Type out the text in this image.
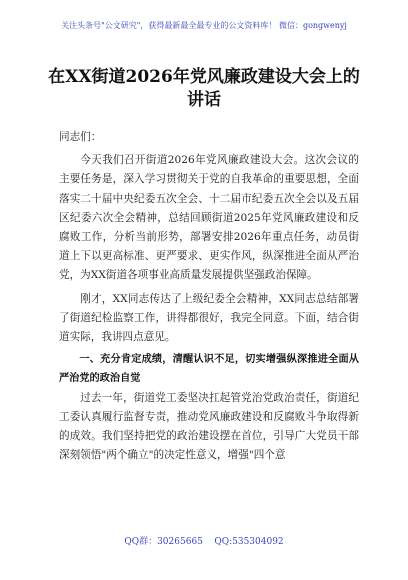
关注头条号"公文研究"，获得最新最全最专业的公文资料库！ 微信：gongwenyj
在XX街道2026年党风廉政建设大会上的讲话

同志们：

今天我们召开街道2026年党风廉政建设大会。这次会议的主要任务是，深入学习贯彻关于党的自我革命的重要思想，全面落实二十届中央纪委五次全会、十二届市纪委五次全会以及五届区纪委六次全会精神，总结回顾街道2025年党风廉政建设和反腐败工作，分析当前形势，部署安排2026年重点任务，动员街道上下以更高标准、更严要求、更实作风，纵深推进全面从严治党，为XX街道各项事业高质量发展提供坚强政治保障。

刚才，XX同志传达了上级纪委全会精神，XX同志总结部署了街道纪检监察工作，讲得都很好，我完全同意。下面，结合街道实际，我讲四点意见。

一、充分肯定成绩，清醒认识不足，切实增强纵深推进全面从严治党的政治自觉

过去一年，街道党工委坚决扛起管党治党政治责任，街道纪工委认真履行监督专责，推动党风廉政建设和反腐败斗争取得新的成效。我们坚持把党的政治建设摆在首位，引导广大党员干部深刻领悟"两个确立"的决定性意义，增强"四个意

QQ群：30265665    QQ:535304092
